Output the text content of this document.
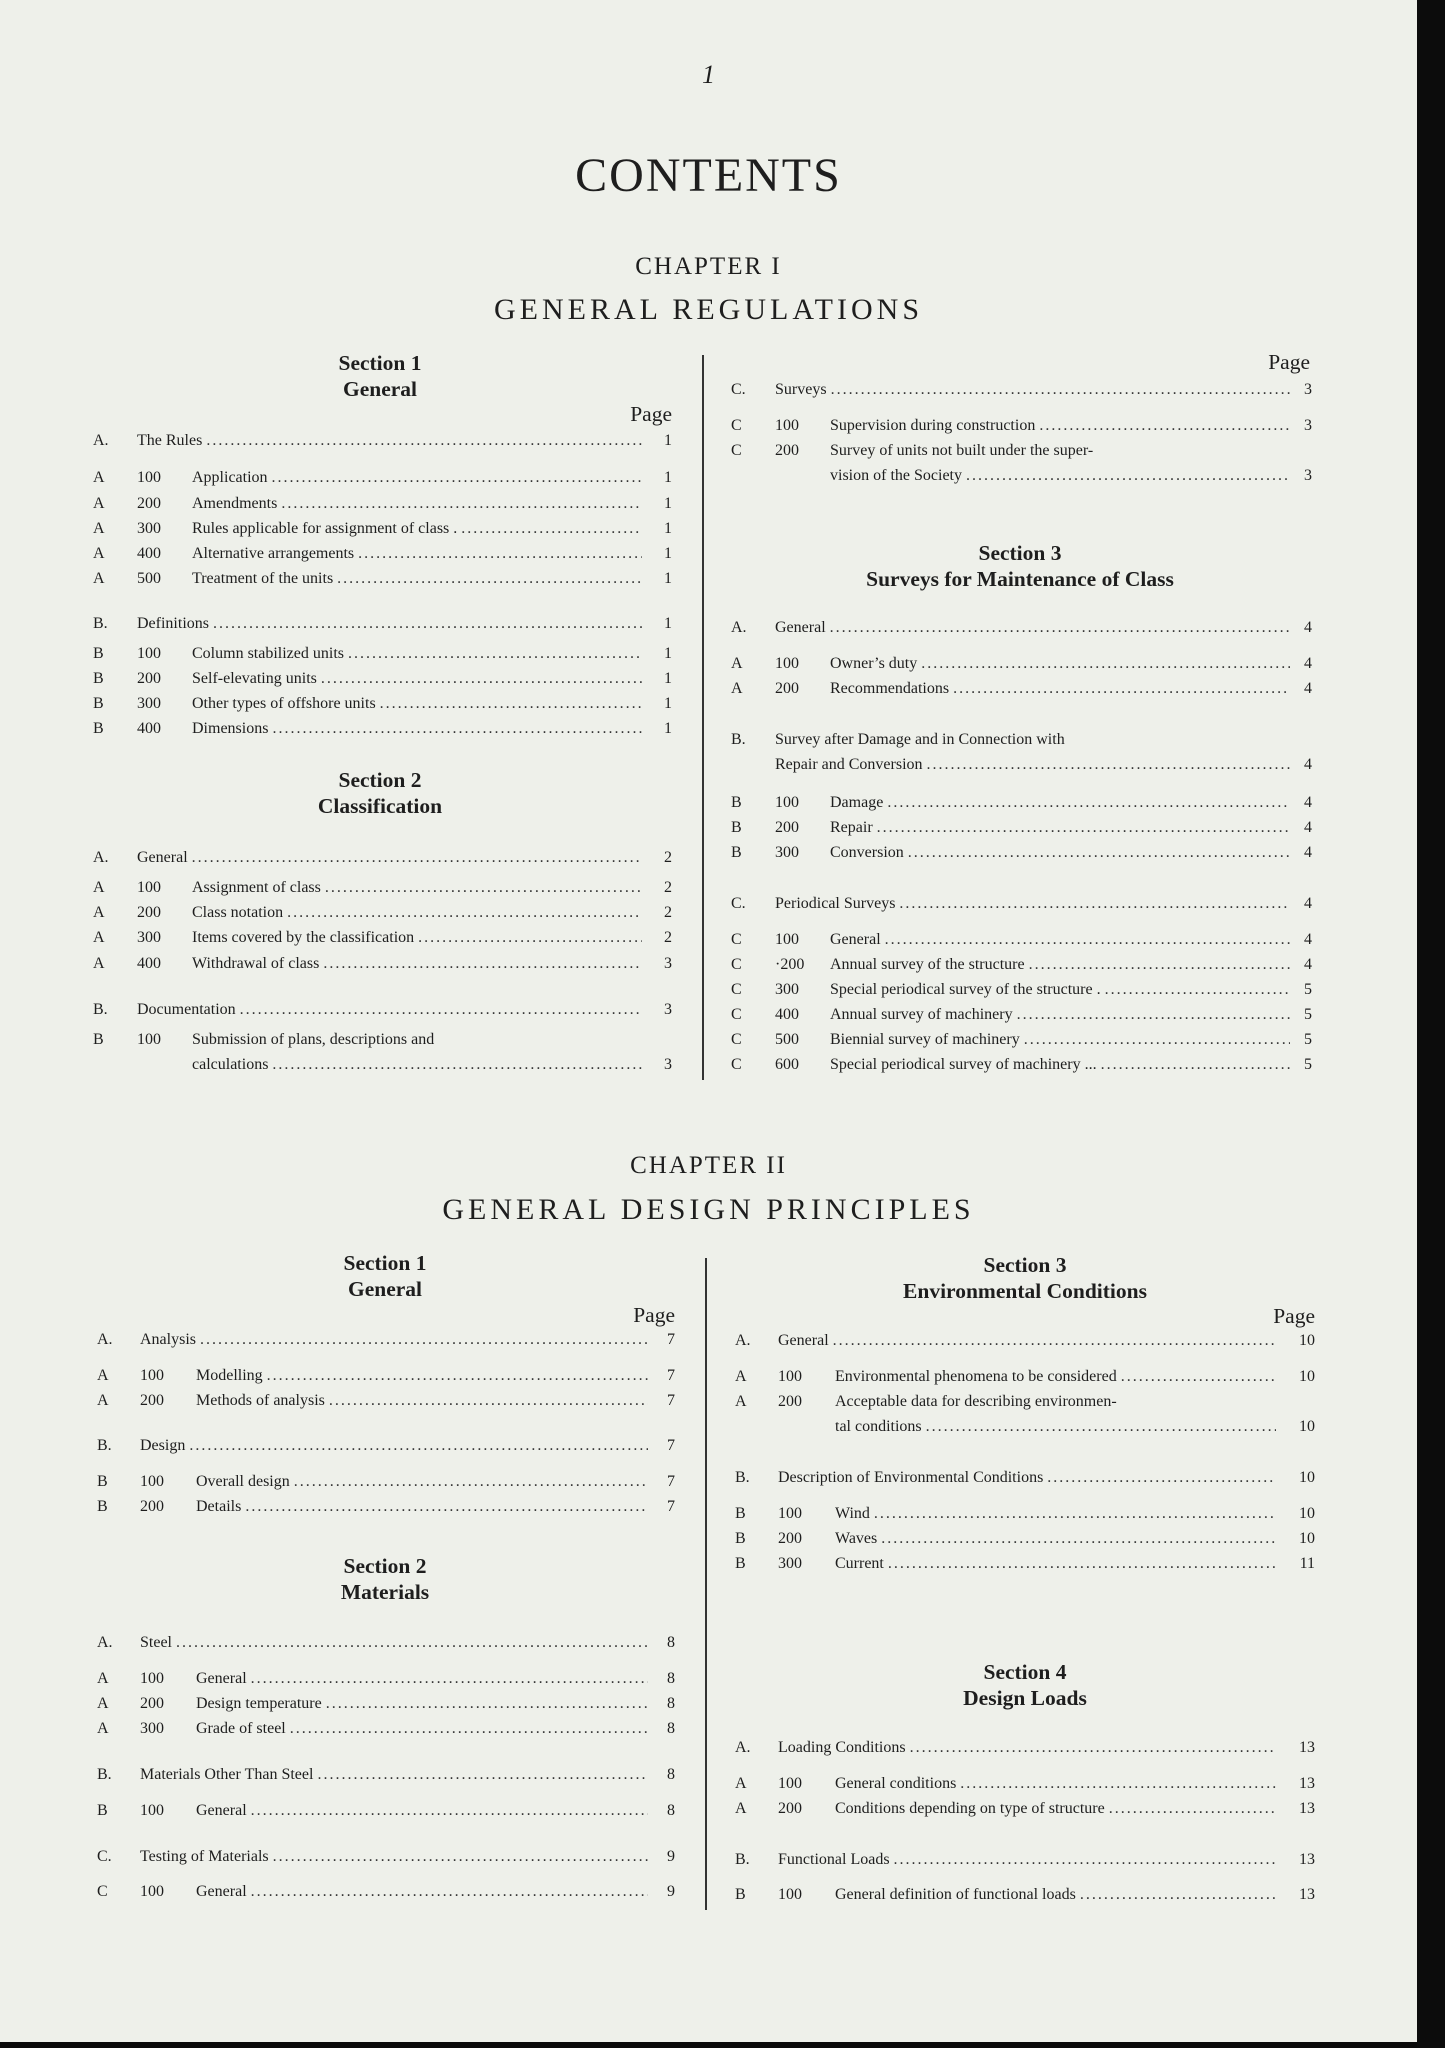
1
CONTENTS
CHAPTER I
GENERAL REGULATIONS
Section 1
General
Page
A. The Rules . . .	1
A 100 Application . . .	1
A 200 Amendments . . .	1
A 300 Rules applicable for assignment of class . . . .	1
A 400 Alternative arrangements . . .	1
A 500 Treatment of the units . . .	1
B. Definitions . . .	1
B 100 Column stabilized units . . .	1
B 200 Self-elevating units . . .	1
B 300 Other types of offshore units . . .	1
B 400 Dimensions . . .	1
Section 2
Classification
A. General . . .	2
A 100 Assignment of class . . .	2
A 200 Class notation . . .	2
A 300 Items covered by the classification . . .	2
A 400 Withdrawal of class . . .	3
B. Documentation . . .	3
B 100 Submission of plans, descriptions and
calculations . . .	3
Page
C. Surveys . . .	3
C 100 Supervision during construction . . .	3
C 200 Survey of units not built under the super-
vision of the Society . . .	3
Section 3
Surveys for Maintenance of Class
A. General . . .	4
A 100 Owner’s duty . . .	4
A 200 Recommendations . . .	4
B. Survey after Damage and in Connection with
Repair and Conversion . . .	4
B 100 Damage . . .	4
B 200 Repair . . .	4
B 300 Conversion . . .	4
C. Periodical Surveys . . .	4
C 100 General . . .	4
C ·200 Annual survey of the structure . . .	4
C 300 Special periodical survey of the structure . . . .	5
C 400 Annual survey of machinery . . .	5
C 500 Biennial survey of machinery . . .	5
C 600 Special periodical survey of machinery ... . . .	5
CHAPTER II
GENERAL DESIGN PRINCIPLES
Section 1
General
Page
A. Analysis . . .	7
A 100 Modelling . . .	7
A 200 Methods of analysis . . .	7
B. Design . . .	7
B 100 Overall design . . .	7
B 200 Details . . .	7
Section 2
Materials
A. Steel . . .	8
A 100 General . . .	8
A 200 Design temperature . . .	8
A 300 Grade of steel . . .	8
B. Materials Other Than Steel . . .	8
B 100 General . . .	8
C. Testing of Materials . . .	9
C 100 General . . .	9
Section 3
Environmental Conditions
Page
A. General . . .	10
A 100 Environmental phenomena to be considered . . .	10
A 200 Acceptable data for describing environmen-
tal conditions . . .	10
B. Description of Environmental Conditions . . .	10
B 100 Wind . . .	10
B 200 Waves . . .	10
B 300 Current . . .	11
Section 4
Design Loads
A. Loading Conditions . . .	13
A 100 General conditions . . .	13
A 200 Conditions depending on type of structure . . .	13
B. Functional Loads . . .	13
B 100 General definition of functional loads . . .	13
